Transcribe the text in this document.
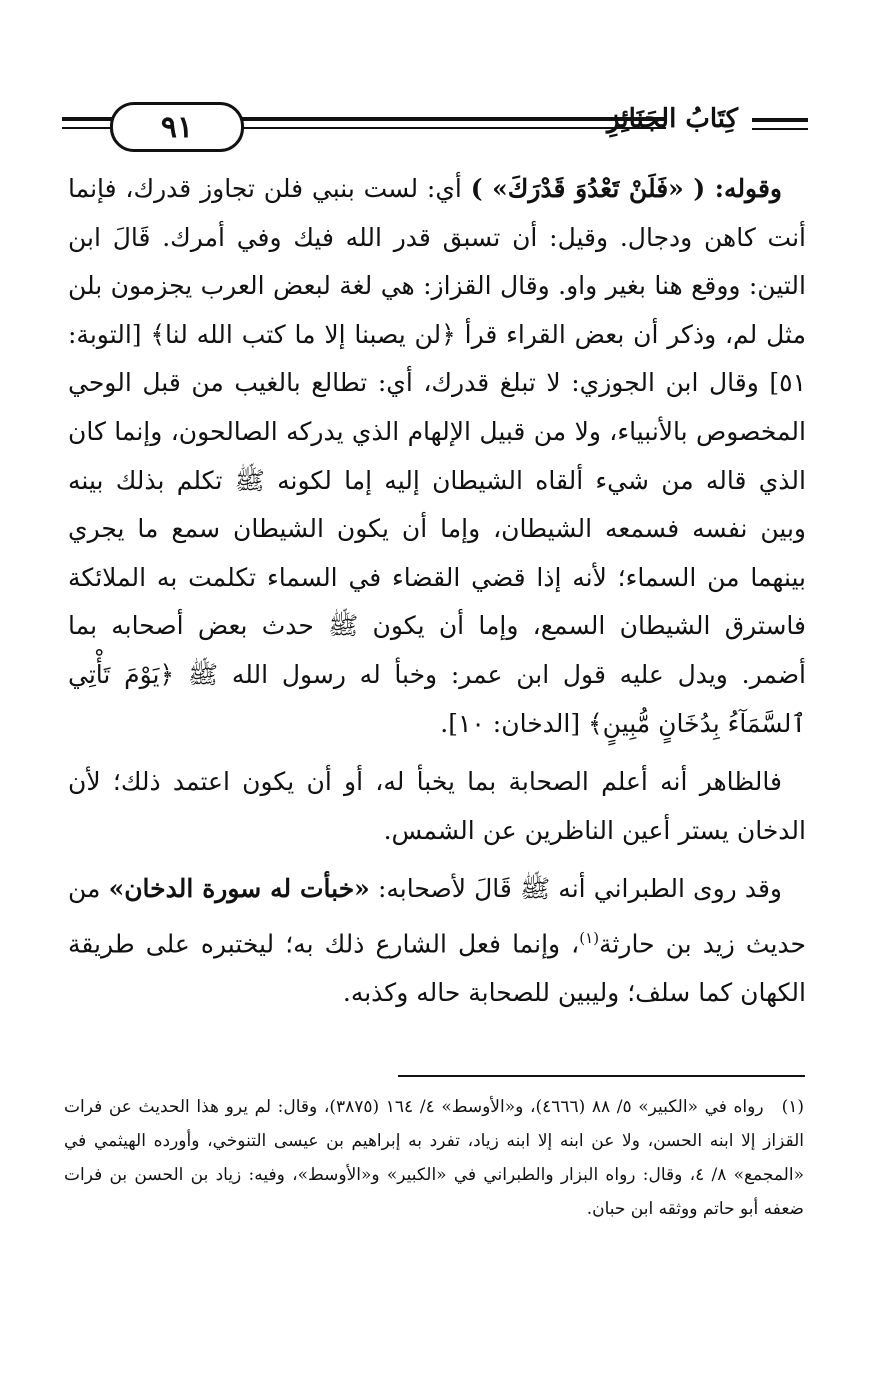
٩١	كِتَابُ الجَنَائِزِ

وقوله: ( «فَلَنْ تَعْدُوَ قَدْرَكَ» ) أي: لست بنبي فلن تجاوز قدرك، فإنما أنت كاهن ودجال. وقيل: أن تسبق قدر الله فيك وفي أمرك. قَالَ ابن التين: ووقع هنا بغير واو. وقال القزاز: هي لغة لبعض العرب يجزمون بلن مثل لم، وذكر أن بعض القراء قرأ ﴿لن يصبنا إلا ما كتب الله لنا﴾ [التوبة: ٥١] وقال ابن الجوزي: لا تبلغ قدرك، أي: تطالع بالغيب من قبل الوحي المخصوص بالأنبياء، ولا من قبيل الإلهام الذي يدركه الصالحون، وإنما كان الذي قاله من شيء ألقاه الشيطان إليه إما لكونه ﷺ تكلم بذلك بينه وبين نفسه فسمعه الشيطان، وإما أن يكون الشيطان سمع ما يجري بينهما من السماء؛ لأنه إذا قضي القضاء في السماء تكلمت به الملائكة فاسترق الشيطان السمع، وإما أن يكون ﷺ حدث بعض أصحابه بما أضمر. ويدل عليه قول ابن عمر: وخبأ له رسول الله ﷺ ﴿يَوْمَ تَأْتِي ٱلسَّمَآءُ بِدُخَانٍ مُّبِينٍ﴾ [الدخان: ١٠].

فالظاهر أنه أعلم الصحابة بما يخبأ له، أو أن يكون اعتمد ذلك؛ لأن الدخان يستر أعين الناظرين عن الشمس.

وقد روى الطبراني أنه ﷺ قَالَ لأصحابه: «خبأت له سورة الدخان» من حديث زيد بن حارثة$^{(١)}$، وإنما فعل الشارع ذلك به؛ ليختبره على طريقة الكهان كما سلف؛ وليبين للصحابة حاله وكذبه.

(١)رواه في «الكبير» ٥/ ٨٨ (٤٦٦٦)، و«الأوسط» ٤/ ١٦٤ (٣٨٧٥)، وقال: لم يرو هذا الحديث عن فرات القزاز إلا ابنه الحسن، ولا عن ابنه إلا ابنه زياد، تفرد به إبراهيم بن عيسى التنوخي، وأورده الهيثمي في «المجمع» ٨/ ٤، وقال: رواه البزار والطبراني في «الكبير» و«الأوسط»، وفيه: زياد بن الحسن بن فرات ضعفه أبو حاتم ووثقه ابن حبان.
